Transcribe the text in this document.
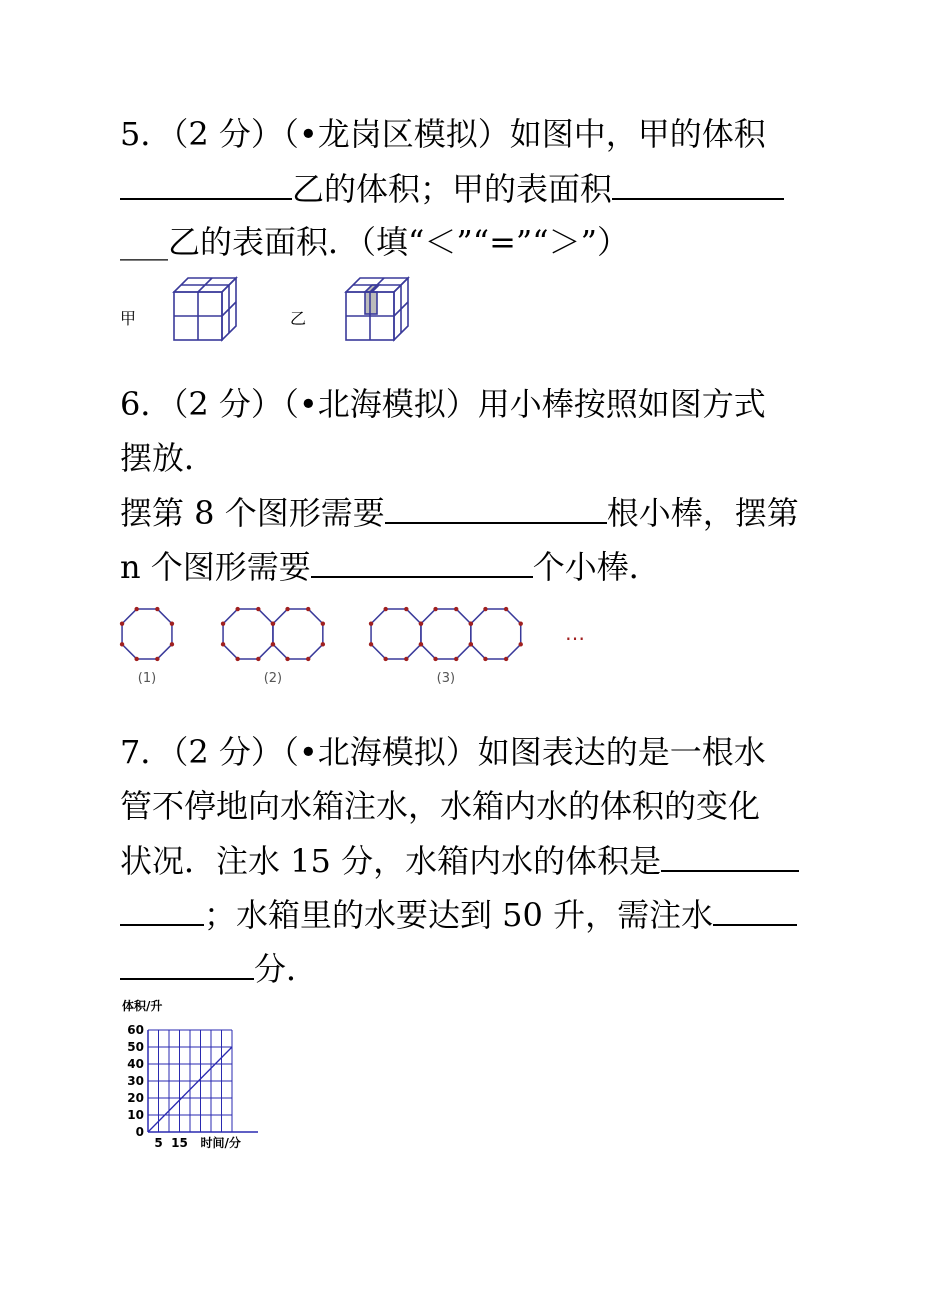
5．（2 分）（•龙岗区模拟）如图中，甲的体积
乙的体积；甲的表面积
___乙的表面积．（填“＜”“=”“＞”）
甲	乙
6．（2 分）（•北海模拟）用小棒按照如图方式
摆放．
摆第 8 个图形需要	根小棒，摆第
n 个图形需要	个小棒．
(1)	(2)	(3)
…
7．（2 分）（•北海模拟）如图表达的是一根水
管不停地向水箱注水，水箱内水的体积的变化
状况．注水 15 分，水箱内水的体积是
；水箱里的水要达到 50 升，需注水
分．
体积/升
60
50
40
30
20
10
0
5 15 时间/分
